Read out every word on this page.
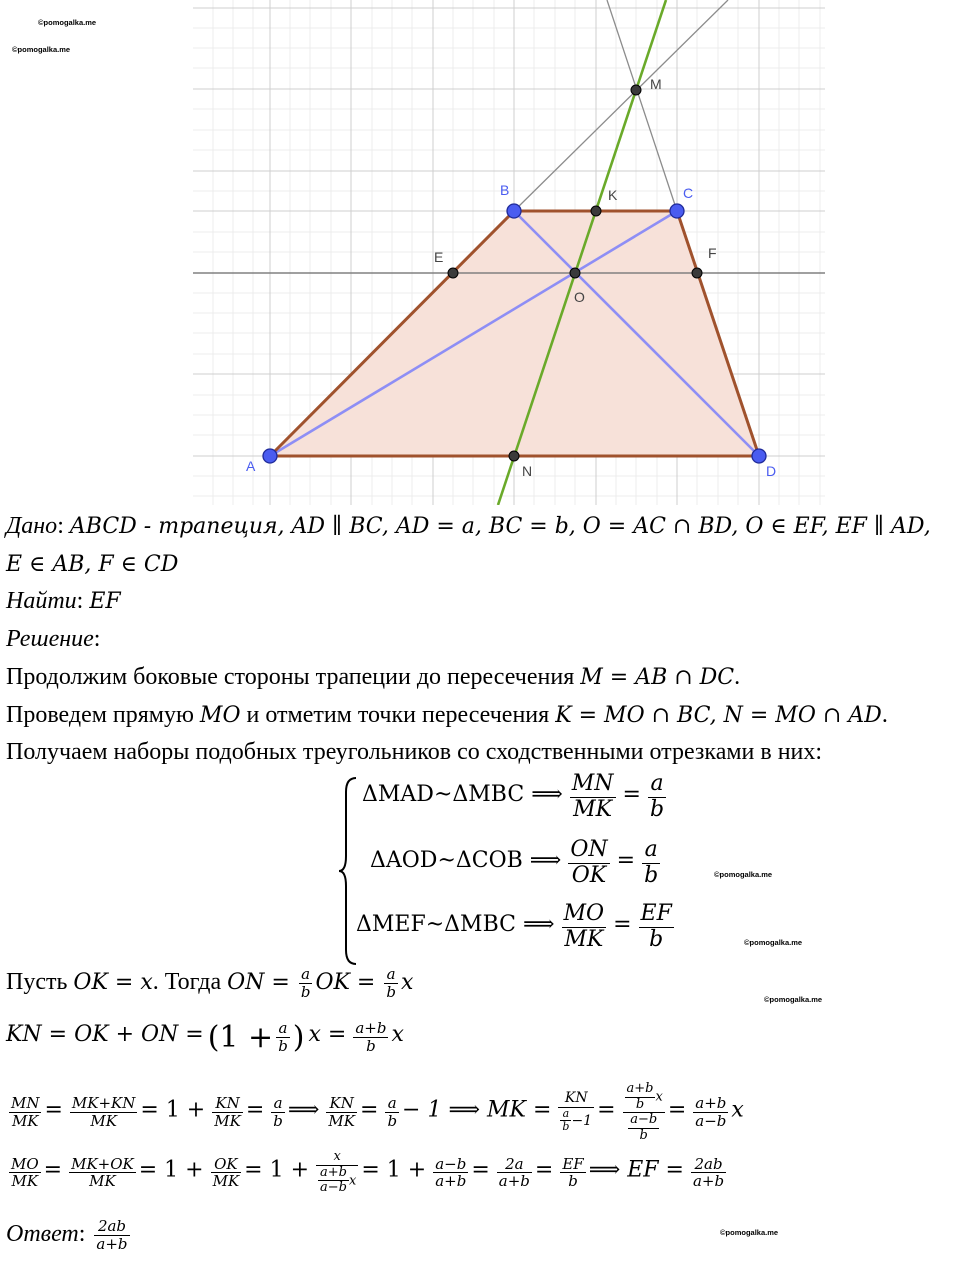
©pomogalka.me
©pomogalka.me
©pomogalka.me
©pomogalka.me
©pomogalka.me
©pomogalka.me
A
B	C
D
E	F
O
K
M
N
Дано: ABCD - трапеция, AD ∥ BC, AD = a, BC = b, O = AC ∩ BD, O ∈ EF, EF ∥ AD,
E ∈ AB, F ∈ CD
Найти: EF
Решение:
Продолжим боковые стороны трапеции до пересечения M = AB ∩ DC.
Проведем прямую MO и отметим точки пересечения K = MO ∩ BC, N = MO ∩ AD.
Получаем наборы подобных треугольников со сходственными отрезками в них:
ΔMAD~ΔMBC ⟹ $\frac{MN}{MK} = \frac{a}{b}$
ΔAOD~ΔCOB ⟹ $\frac{ON}{OK} = \frac{a}{b}$
ΔMEF~ΔMBC ⟹ $\frac{MO}{MK} = \frac{EF}{b}$
Пусть OK = x. Тогда ON = $\frac{a}{b}$ OK = $\frac{a}{b}$ x
KN = OK + ON = ($1 + \frac{a}{b}$ ) $x = \frac{a+b}{b}$ x
$\frac{MN}{MK} = \frac{MK+KN}{MK} = 1 + \frac{KN}{MK} = \frac{a}{b}$ ⟹ $\frac{KN}{MK} = \frac{a}{b} - 1$ ⟹ MK = $\frac{KN}{\frac{a}{b} -1} = \frac{\frac{a+b}{b} x}{\frac{a-b}{b}} = \frac{a+b}{a-b}$ x
$\frac{MO}{MK} = \frac{MK+OK}{MK} = 1 + \frac{OK}{MK} = 1 + \frac{x}{\frac{a+b}{a-b} x} = 1 + \frac{a-b}{a+b} = \frac{2a}{a+b} = \frac{EF}{b}$ ⟹ EF = $\frac{2ab}{a+b}$
Ответ: $\frac{2ab}{a+b}$
